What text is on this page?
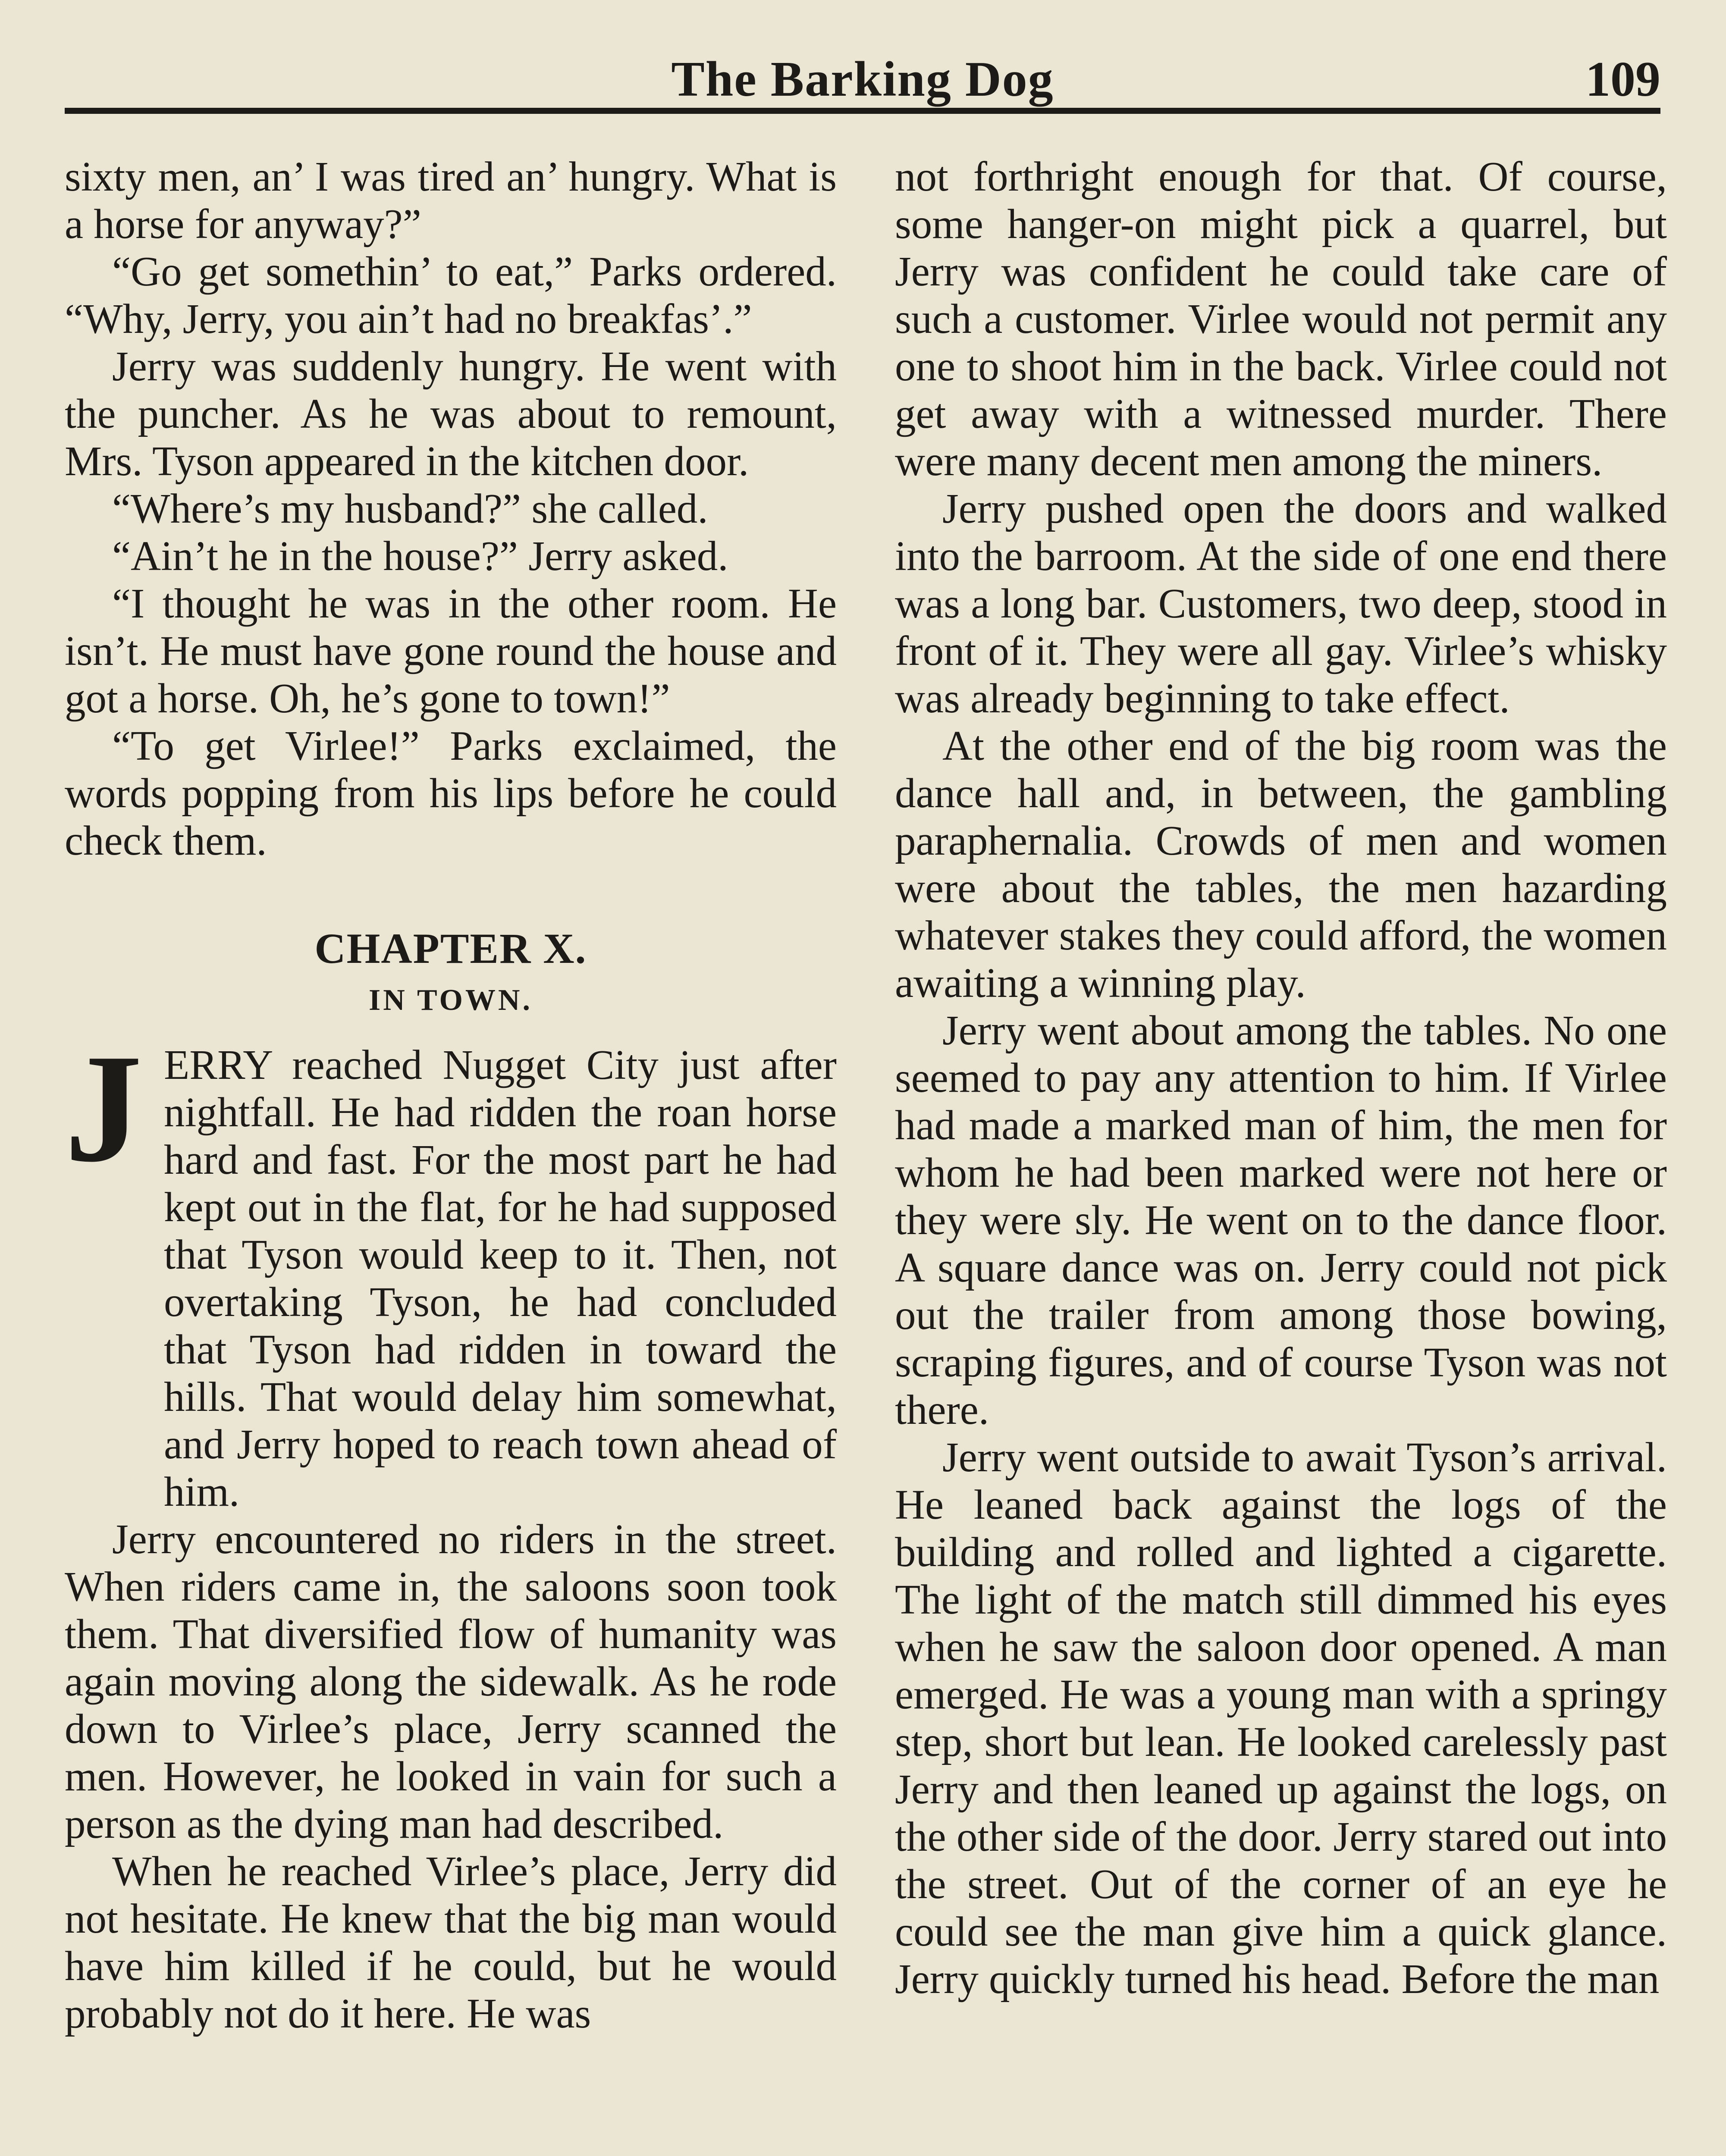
The Barking Dog	109

sixty men, an’ I was tired an’ hungry. What is a horse for anyway?”

“Go get somethin’ to eat,” Parks ordered. “Why, Jerry, you ain’t had no breakfas’.”

Jerry was suddenly hungry. He went with the puncher. As he was about to remount, Mrs. Tyson appeared in the kitchen door.

“Where’s my husband?” she called.

“Ain’t he in the house?” Jerry asked.

“I thought he was in the other room. He isn’t. He must have gone round the house and got a horse. Oh, he’s gone to town!”

“To get Virlee!” Parks exclaimed, the words popping from his lips before he could check them.

CHAPTER X.
IN TOWN.

J ERRY reached Nugget City just after nightfall. He had ridden the roan horse hard and fast. For the most part he had kept out in the flat, for he had supposed that Tyson would keep to it. Then, not overtaking Tyson, he had concluded that Tyson had ridden in toward the hills. That would delay him somewhat, and Jerry hoped to reach town ahead of him.

Jerry encountered no riders in the street. When riders came in, the saloons soon took them. That diversified flow of humanity was again moving along the sidewalk. As he rode down to Virlee’s place, Jerry scanned the men. However, he looked in vain for such a person as the dying man had described.

When he reached Virlee’s place, Jerry did not hesitate. He knew that the big man would have him killed if he could, but he would probably not do it here. He was

not forthright enough for that. Of course, some hanger-on might pick a quarrel, but Jerry was confident he could take care of such a customer. Virlee would not permit any one to shoot him in the back. Virlee could not get away with a witnessed murder. There were many decent men among the miners.

Jerry pushed open the doors and walked into the barroom. At the side of one end there was a long bar. Customers, two deep, stood in front of it. They were all gay. Virlee’s whisky was already beginning to take effect.

At the other end of the big room was the dance hall and, in between, the gambling paraphernalia. Crowds of men and women were about the tables, the men hazarding whatever stakes they could afford, the women awaiting a winning play.

Jerry went about among the tables. No one seemed to pay any attention to him. If Virlee had made a marked man of him, the men for whom he had been marked were not here or they were sly. He went on to the dance floor. A square dance was on. Jerry could not pick out the trailer from among those bowing, scraping figures, and of course Tyson was not there.

Jerry went outside to await Tyson’s arrival. He leaned back against the logs of the building and rolled and lighted a cigarette. The light of the match still dimmed his eyes when he saw the saloon door opened. A man emerged. He was a young man with a springy step, short but lean. He looked carelessly past Jerry and then leaned up against the logs, on the other side of the door. Jerry stared out into the street. Out of the corner of an eye he could see the man give him a quick glance. Jerry quickly turned his head. Before the man
